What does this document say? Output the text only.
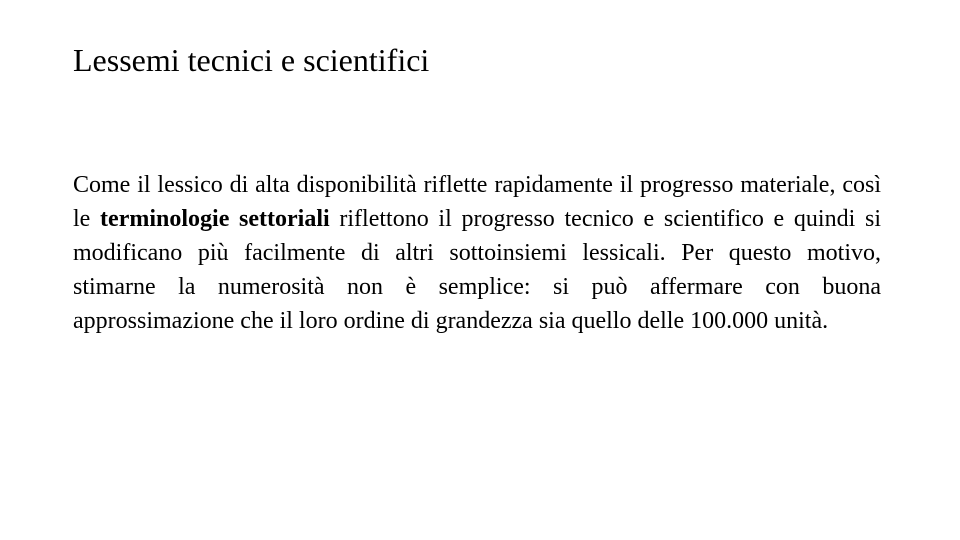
Lessemi tecnici e scientifici

Come il lessico di alta disponibilità riflette rapidamente il progresso materiale, così le terminologie settoriali riflettono il progresso tecnico e scientifico e quindi si modificano più facilmente di altri sottoinsiemi lessicali. Per questo motivo, stimarne la numerosità non è semplice: si può affermare con buona approssimazione che il loro ordine di grandezza sia quello delle 100.000 unità.
